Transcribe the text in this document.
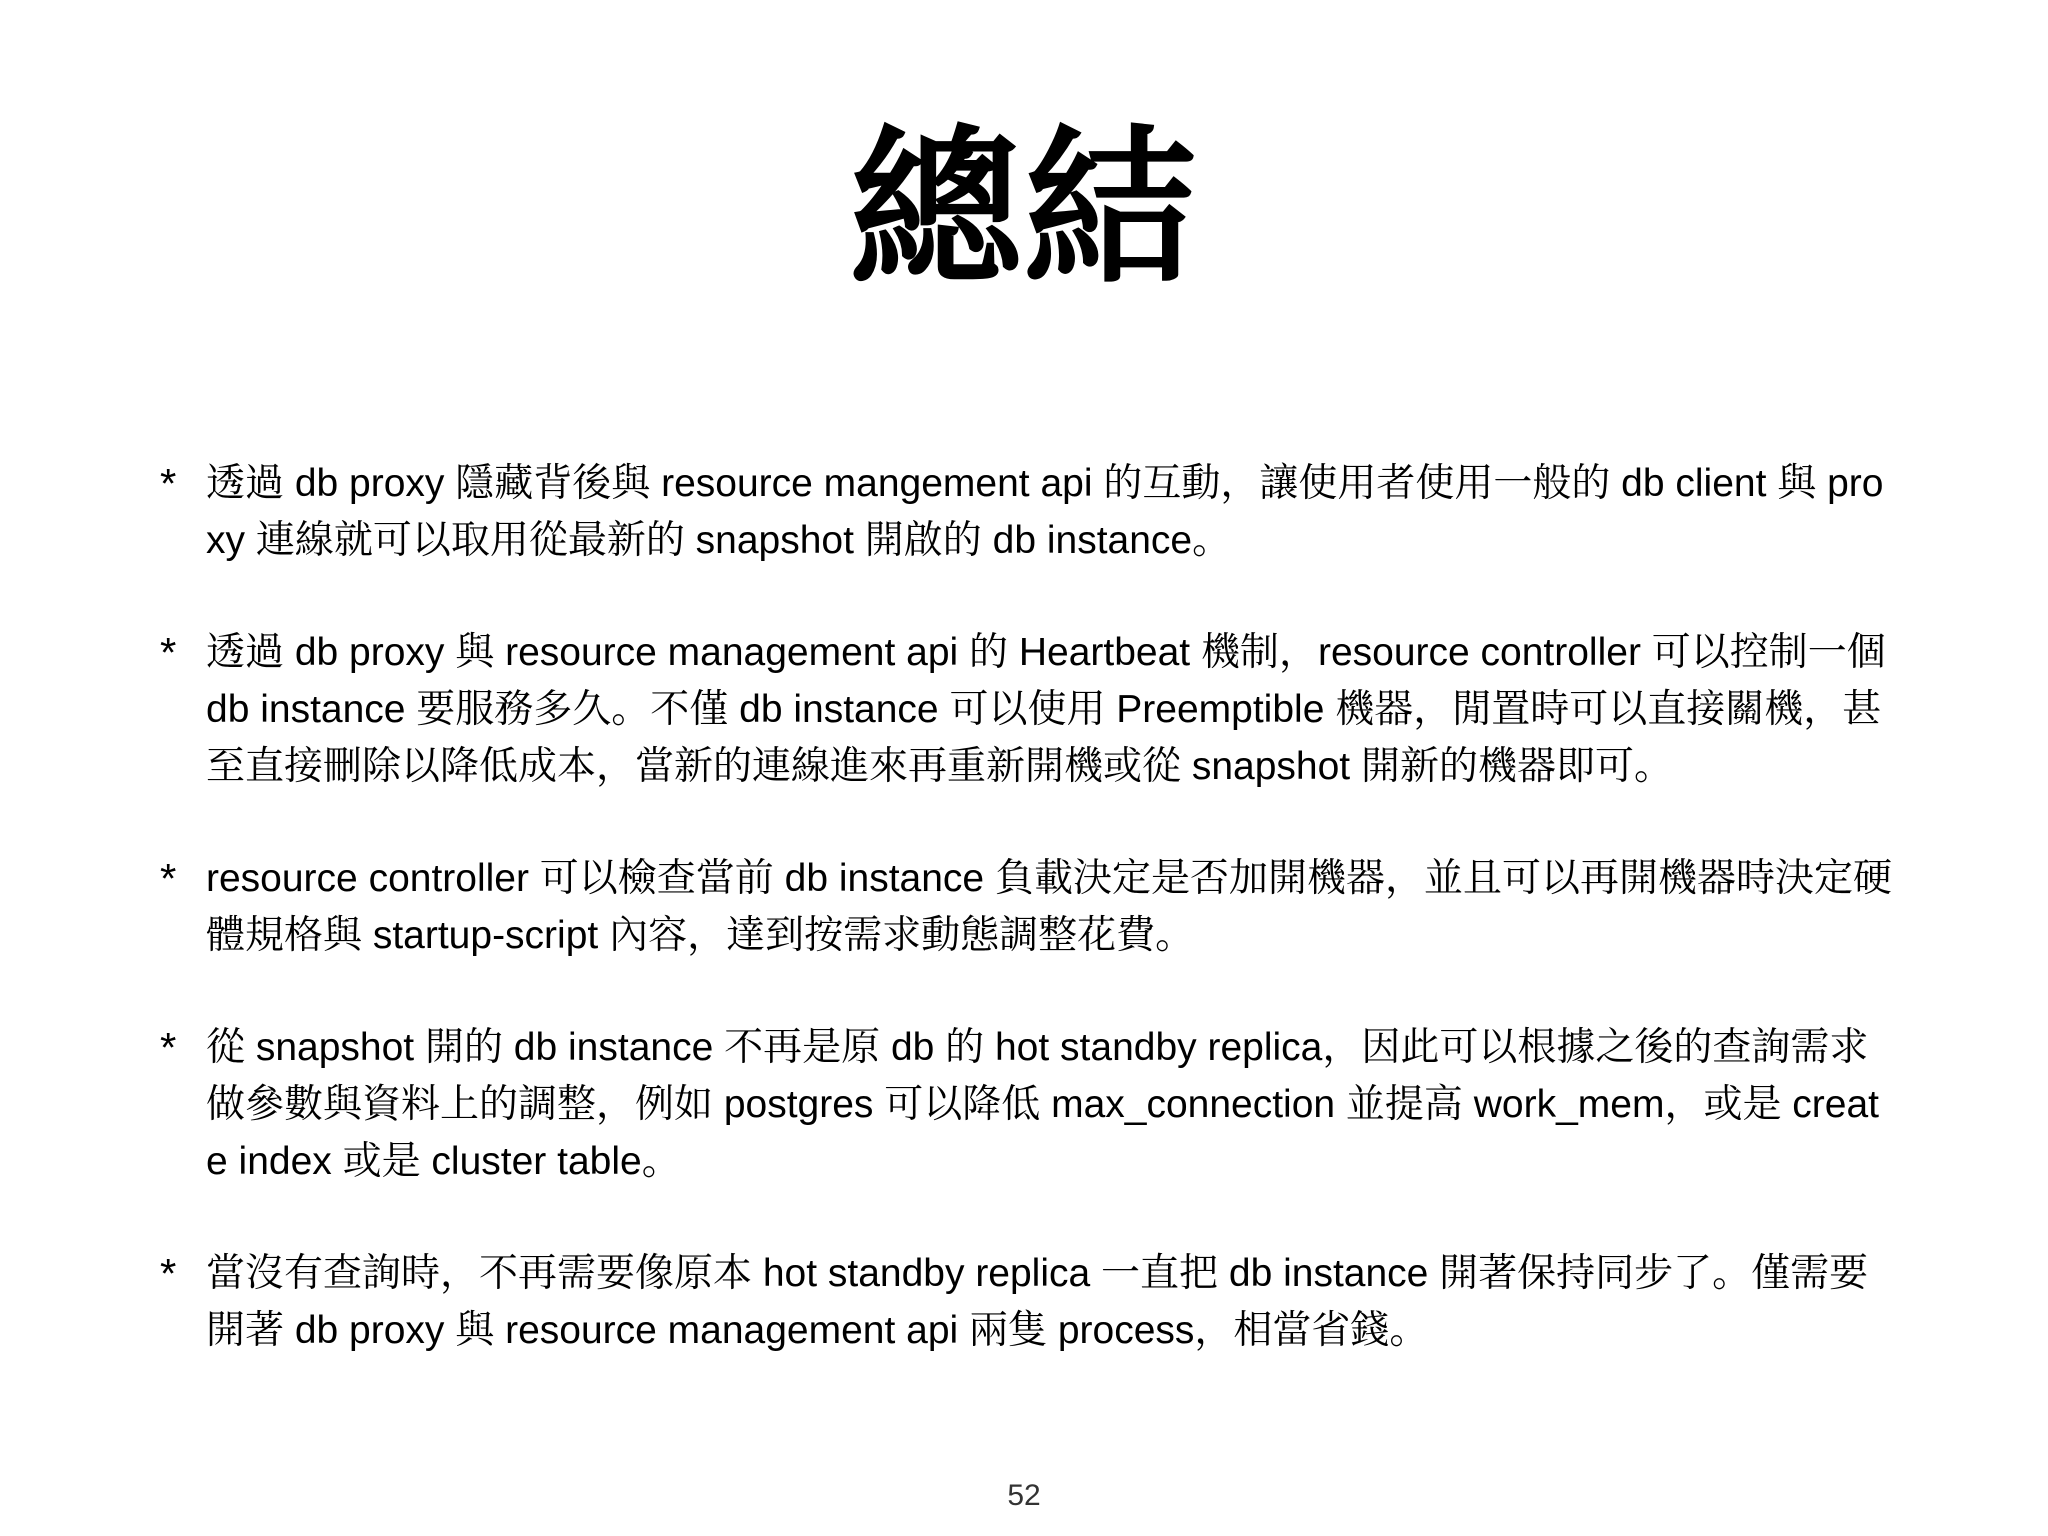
總結
* 透過 db proxy 隱藏背後與 resource mangement api 的互動，讓使用者使用一般的 db client 與 proxy 連線就可以取用從最新的 snapshot 開啟的 db instance。
* 透過 db proxy 與 resource management api 的 Heartbeat 機制，resource controller 可以控制一個 db instance 要服務多久。不僅 db instance 可以使用 Preemptible 機器，閒置時可以直接關機，甚至直接刪除以降低成本，當新的連線進來再重新開機或從 snapshot 開新的機器即可。
* resource controller 可以檢查當前 db instance 負載決定是否加開機器，並且可以再開機器時決定硬體規格與 startup-script 內容，達到按需求動態調整花費。
* 從 snapshot 開的 db instance 不再是原 db 的 hot standby replica，因此可以根據之後的查詢需求做參數與資料上的調整，例如 postgres 可以降低 max_connection 並提高 work_mem，或是 create index 或是 cluster table。
* 當沒有查詢時，不再需要像原本 hot standby replica 一直把 db instance 開著保持同步了。僅需要開著 db proxy 與 resource management api 兩隻 process，相當省錢。
52
